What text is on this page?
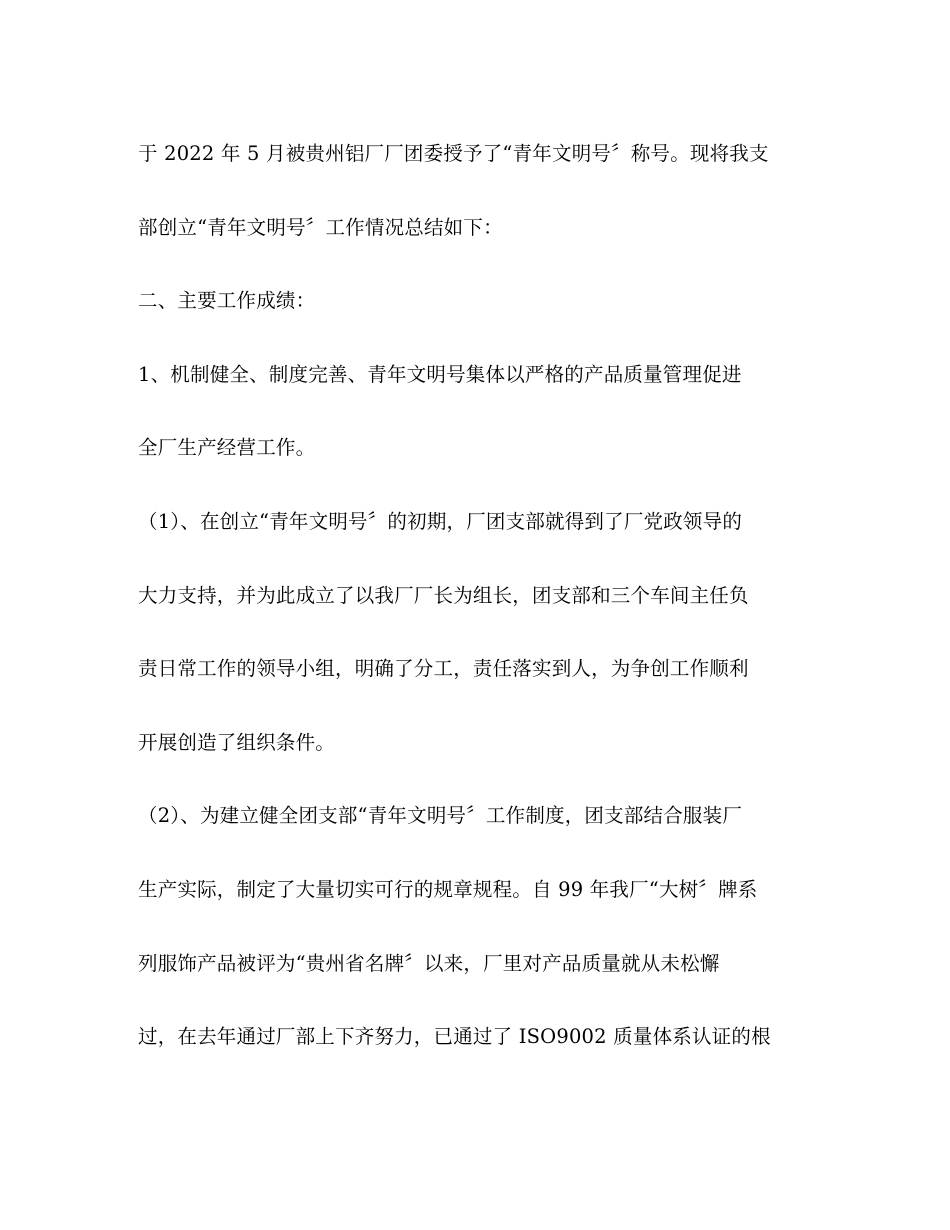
于 2022 年 5 月被贵州铝厂厂团委授予了“青年文明号〞称号。现将我支
部创立“青年文明号〞工作情况总结如下：
二、主要工作成绩：
1、机制健全、制度完善、青年文明号集体以严格的产品质量管理促进
全厂生产经营工作。
（1）、在创立“青年文明号〞的初期，厂团支部就得到了厂党政领导的
大力支持，并为此成立了以我厂厂长为组长，团支部和三个车间主任负
责日常工作的领导小组，明确了分工，责任落实到人，为争创工作顺利
开展创造了组织条件。
（2）、为建立健全团支部“青年文明号〞工作制度，团支部结合服装厂
生产实际，制定了大量切实可行的规章规程。自 99 年我厂“大树〞牌系
列服饰产品被评为“贵州省名牌〞以来，厂里对产品质量就从未松懈
过，在去年通过厂部上下齐努力，已通过了 ISO9002 质量体系认证的根
